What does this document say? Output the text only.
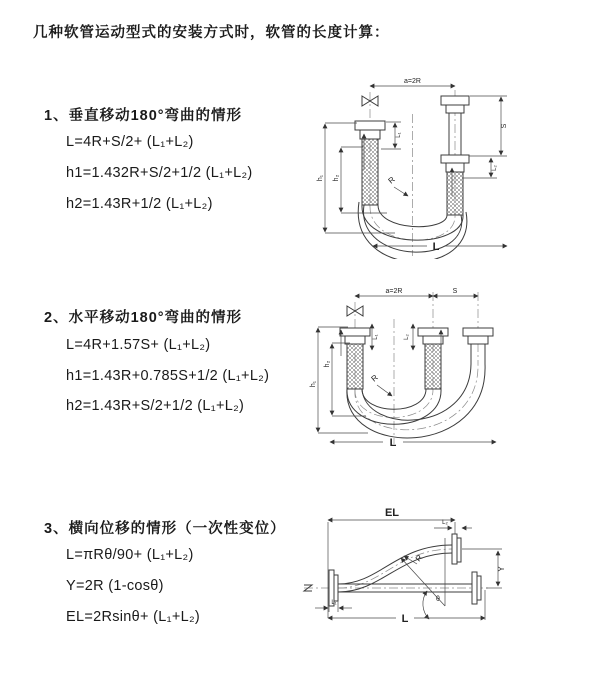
几种软管运动型式的安装方式时，软管的长度计算：
1、垂直移动180°弯曲的情形
L=4R+S/2+ (L₁+L₂)
h1=1.432R+S/2+1/2 (L₁+L₂)
h2=1.43R+1/2 (L₁+L₂)
2、水平移动180°弯曲的情形
L=4R+1.57S+ (L₁+L₂)
h1=1.43R+0.785S+1/2 (L₁+L₂)
h2=1.43R+S/2+1/2 (L₁+L₂)
3、横向位移的情形（一次性变位）
L=πRθ/90+ (L₁+L₂)
Y=2R (1-cosθ)
EL=2Rsinθ+ (L₁+L₂)
a=2R
R
S
L₂
L₁
h₁ h₂
L
a=2R	S
L₁	L₂
R
h₁
h₂
L
EL
L₂
L₁	θ
R
Y
L
